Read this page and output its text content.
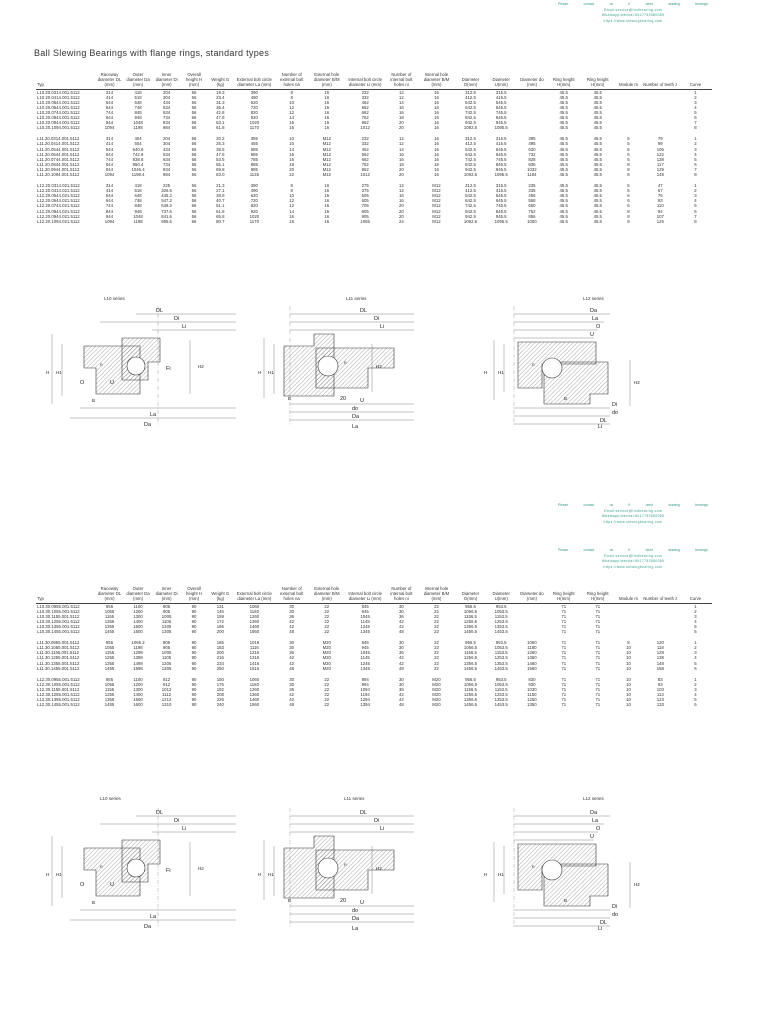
Please	contact	us	if	need	drawing	bearings
Email:service@findbearing.com
Whatsapp/wechat:8617753580085
https://www.slewingbearing.com
Ball Slewing Bearings with flange rings, standard types
Typ	Raceway diameter DL (mm)	Outer diameter Da (mm)	Inner diameter Di (mm)	Overall height H (mm)	Weight G (kg)	External bolt circle diameter La (mm)	Number of external bolt holes na	External hole diameter B/M (mm)	Internal bolt circle diameter Li (mm)	Number of internal bolt holes ni	Internal hole diameter B/M (mm)	Diameter O(mm)	Diameter U(mm)	Diameter do (mm)	Ring height H(mm)	Ring height H(mm)	Module m	Number of teeth z	Curve
L10.20.0314.001.5112	314	418	204	56	19.3	390	8	16	232	12	16	312.5	315.5		45.5	45.5			1
L10.20.0414.001.5112	414	518	304	56	23.4	490	8	16	332	12	16	412.5	415.5		45.5	45.5			2
L10.20.0544.001.5112	544	648	434	56	31.3	620	10	16	462	14	16	542.5	545.5		45.5	45.5			3
L10.20.0644.001.5112	644	748	534	56	36.4	720	12	16	562	16	16	642.5	645.5		45.5	45.5			4
L10.20.0744.001.5112	744	848	634	56	42.8	820	12	16	662	16	16	742.5	745.5		45.5	45.5			5
L10.20.0844.001.5112	844	948	734	56	47.8	920	14	16	762	18	16	842.5	845.5		45.5	45.5			6
L10.20.0944.001.5112	944	1048	834	56	53.1	1020	16	16	862	20	16	942.5	945.5		45.5	45.5			7
L10.20.1094.001.5112	1094	1198	984	56	61.8	1170	16	16	1012	20	16	1092.5	1095.5		45.5	45.5			8

L11.20.0314.001.5112	314	404	204	56	20.2	355	10	M12	232	12	16	312.5	315.5	395	45.5	45.5	5	79	1
L11.20.0414.001.5112	414	504	304	56	25.3	455	10	M12	332	12	16	412.5	415.5	495	45.5	45.5	5	99	2
L11.20.0544.001.5112	544	640.8	434	56	39.5	585	14	M12	462	14	16	542.5	545.5	630	45.5	45.5	6	105	3
L11.20.0644.001.5112	644	742.8	534	56	47.6	685	16	M12	562	16	16	642.5	645.5	732	45.5	45.5	6	122	4
L11.20.0744.001.5112	744	838.8	634	56	53.5	785	16	M12	662	16	16	742.5	745.5	828	45.5	45.5	6	138	5
L11.20.0844.001.5112	844	950.4	734	56	65.1	885	18	M12	762	18	16	842.5	845.5	936	45.5	45.5	8	117	6
L11.20.0944.001.5112	944	1046.4	834	56	69.8	985	20	M12	862	20	16	942.5	945.5	1032	45.5	45.5	8	129	7
L11.20.1094.001.5112	1094	1198.4	984	56	83.0	1135	22	M12	1012	20	16	1092.5	1095.5	1184	45.5	45.5	8	148	8

L12.20.0314.021.5112	314	418	225	56	21.3	390	8	16	275	12	M12	312.5	315.5	235	45.5	45.5	5	47	1
L12.20.0414.021.5112	414	518	326.5	56	27.1	490	8	16	375	12	M12	412.5	415.5	335	45.5	45.5	5	67	2
L12.20.0544.021.5112	544	648	445.2	56	38.9	620	10	16	505	16	M12	542.5	545.5	456	45.5	45.5	6	76	3
L12.20.0644.021.5112	644	748	547.2	56	40.7	720	12	16	605	16	M12	642.5	645.5	558	45.5	45.5	6	93	4
L12.20.0744.021.5112	744	848	649.2	56	51.1	820	12	16	705	20	M12	742.5	745.5	660	45.5	45.5	6	110	5
L12.20.0844.021.5112	844	948	737.6	56	61.8	920	14	16	805	20	M12	842.5	845.5	752	45.5	45.5	8	94	6
L12.20.0944.021.5112	944	1048	841.6	56	65.8	1020	16	16	905	20	M12	942.5	945.5	856	45.5	45.5	8	107	7
L12.20.1094.021.5112	1094	1198	985.6	56	80.7	1170	16	16	1055	24	M12	1092.5	1095.5	1000	45.5	45.5	8	125	8
L10 series	L11 series	L12 series
DL
Di
Li
H H1
H2
n
B
La
Da
O	U
Fi
DL
Di
Li
H H1
H2
n
B	U
do
Da
La
20
Da
La
O
U
H H1
H2
n
B
Di
do
DL
Li
Please	contact	us	if	need	drawing	bearings
Email:service@findbearing.com
Whatsapp/wechat:8617753580085
https://www.slewingbearing.com
Please	contact	us	if	need	drawing	bearings
Email:service@findbearing.com
Whatsapp/wechat:8617753580085
https://www.slewingbearing.com
Typ	Raceway diameter DL (mm)	Outer diameter Da (mm)	Inner diameter Di (mm)	Overall height H (mm)	Weight G (kg)	External bolt circle diameter La (mm)	Number of external bolt holes na	External hole diameter B/M (mm)	Internal bolt circle diameter Li (mm)	Number of internal bolt holes ni	Internal hole diameter B/M (mm)	Diameter O(mm)	Diameter U(mm)	Diameter do (mm)	Ring height H(mm)	Ring height H(mm)	Module m	Number of teeth z	Curve
L10.30.0955.001.5112	955	1100	805	90	131	1060	30	22	845	30	22	956.5	953.5		71	71			1
L10.30.1055.001.5112	1055	1200	905	90	145	1160	30	22	945	30	22	1056.5	1053.5		71	71			2
L10.30.1155.001.5112	1155	1300	1005	90	159	1260	36	22	1045	36	22	1156.5	1153.5		71	71			3
L10.30.1255.001.5112	1255	1400	1105	90	172	1360	42	22	1145	42	22	1256.5	1253.5		71	71			4
L10.30.1355.001.5112	1355	1500	1205	90	186	1460	42	22	1245	42	22	1356.5	1353.5		71	71			5
L10.30.1455.001.5112	1455	1600	1305	90	200	1560	48	22	1345	48	22	1456.5	1453.5		71	71			6

L11.30.0955.001.5112	955	1066.2	805	90	165	1016	30	M20	845	30	22	956.5	953.5	1060	71	71	8	120	1
L11.30.1055.001.5112	1055	1198	905	90	183	1116	30	M20	945	30	22	1056.5	1053.5	1180	71	71	10	118	2
L11.30.1155.001.5112	1155	1298	1005	90	200	1216	36	M20	1045	36	22	1156.5	1153.5	1260	71	71	10	128	3
L11.30.1255.001.5112	1255	1398	1105	90	216	1316	42	M20	1145	42	22	1256.5	1253.5	1360	71	71	10	138	4
L11.30.1355.001.5112	1355	1498	1205	90	234	1416	42	M20	1245	42	22	1356.5	1353.5	1460	71	71	10	148	5
L11.30.1455.001.5112	1455	1598	1305	90	250	1516	48	M20	1345	48	22	1456.5	1453.5	1560	71	71	10	158	6

L12.30.0955.001.5112	955	1100	812	90	150	1060	30	22	894	30	M20	956.5	953.5	830	71	71	10	83	1
L12.30.1055.001.5112	1055	1200	912	90	176	1160	30	22	994	30	M20	1056.5	1053.5	930	71	71	10	93	2
L12.30.1155.001.5112	1155	1300	1012	90	192	1260	36	22	1094	36	M20	1156.5	1153.5	1030	71	71	10	103	3
L12.30.1255.001.5112	1255	1400	1112	90	208	1360	42	22	1194	42	M20	1256.5	1253.5	1150	71	71	10	113	4
L12.30.1355.001.5112	1355	1500	1212	90	226	1460	42	22	1294	42	M20	1356.5	1353.5	1250	71	71	10	123	5
L12.30.1455.001.5112	1455	1600	1310	90	240	1560	48	22	1394	48	M20	1456.5	1453.5	1350	71	71	10	133	6
L10 series	L11 series	L12 series
DL
Di
Li
H H1
H2
n
B
La
Da
O	U
Fi
DL
Di
Li
H H1
H2
n
B	U
do
Da
La
20
Da
La
O
U
H H1
H2
n
B
Di
do
DL
Li
